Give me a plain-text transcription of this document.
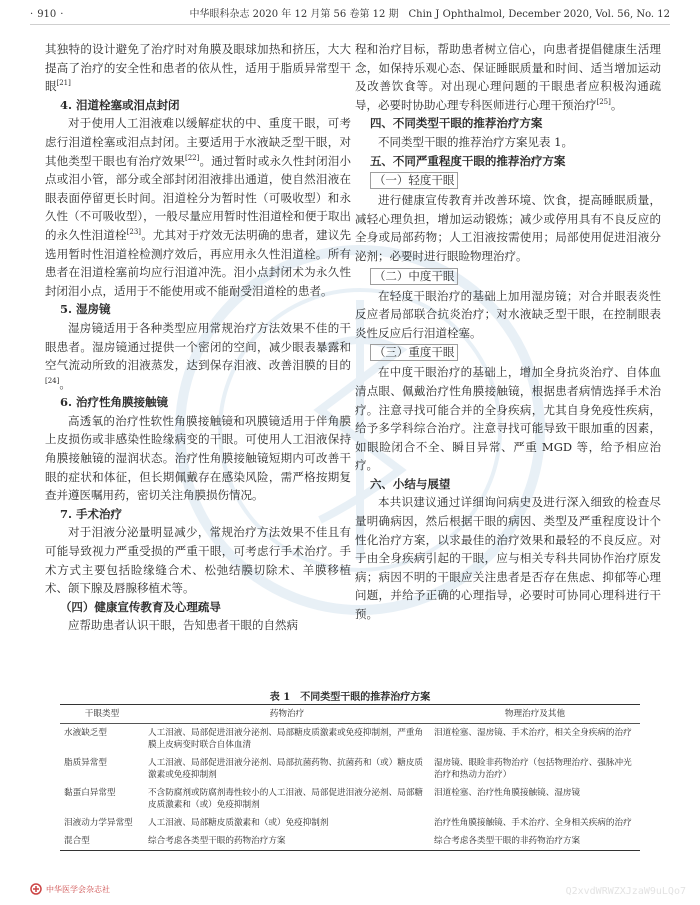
· 910 ·	中华眼科杂志 2020 年 12 月第 56 卷第 12 期　Chin J Ophthalmol, December 2020, Vol. 56, No. 12

其独特的设计避免了治疗时对角膜及眼球加热和挤压，大大提高了治疗的安全性和患者的依从性，适用于脂质异常型干眼[21]

4. 泪道栓塞或泪点封闭

对于使用人工泪液难以缓解症状的中、重度干眼，可考虑行泪道栓塞或泪点封闭。主要适用于水液缺乏型干眼，对其他类型干眼也有治疗效果[22]。通过暂时或永久性封闭泪小点或泪小管，部分或全部封闭泪液排出通道，使自然泪液在眼表面停留更长时间。泪道栓分为暂时性（可吸收型）和永久性（不可吸收型），一般尽量应用暂时性泪道栓和便于取出的永久性泪道栓[23]。尤其对于疗效无法明确的患者，建议先选用暂时性泪道栓检测疗效后，再应用永久性泪道栓。所有患者在泪道栓塞前均应行泪道冲洗。泪小点封闭术为永久性封闭泪小点，适用于不能使用或不能耐受泪道栓的患者。

5. 湿房镜

湿房镜适用于各种类型应用常规治疗方法效果不佳的干眼患者。湿房镜通过提供一个密闭的空间，减少眼表暴露和空气流动所致的泪液蒸发，达到保存泪液、改善泪膜的目的[24]。

6. 治疗性角膜接触镜

高透氧的治疗性软性角膜接触镜和巩膜镜适用于伴角膜上皮损伤或非感染性睑缘病变的干眼。可使用人工泪液保持角膜接触镜的湿润状态。治疗性角膜接触镜短期内可改善干眼的症状和体征，但长期佩戴存在感染风险，需严格按期复查并遵医嘱用药，密切关注角膜损伤情况。

7. 手术治疗

对于泪液分泌量明显减少，常规治疗方法效果不佳且有可能导致视力严重受损的严重干眼，可考虑行手术治疗。手术方式主要包括睑缘缝合术、松弛结膜切除术、羊膜移植术、颌下腺及唇腺移植术等。

（四）健康宣传教育及心理疏导

应帮助患者认识干眼，告知患者干眼的自然病

程和治疗目标，帮助患者树立信心，向患者提倡健康生活理念，如保持乐观心态、保证睡眠质量和时间、适当增加运动及改善饮食等。对出现心理问题的干眼患者应积极沟通疏导，必要时协助心理专科医师进行心理干预治疗[25]。

四、不同类型干眼的推荐治疗方案

不同类型干眼的推荐治疗方案见表 1。

五、不同严重程度干眼的推荐治疗方案
（一）轻度干眼

进行健康宣传教育并改善环境、饮食，提高睡眠质量，减轻心理负担，增加运动锻炼；减少或停用具有不良反应的全身或局部药物；人工泪液按需使用；局部使用促进泪液分泌剂；必要时进行眼睑物理治疗。

（二）中度干眼

在轻度干眼治疗的基础上加用湿房镜；对合并眼表炎性反应者局部联合抗炎治疗；对水液缺乏型干眼，在控制眼表炎性反应后行泪道栓塞。

（三）重度干眼

在中度干眼治疗的基础上，增加全身抗炎治疗、自体血清点眼、佩戴治疗性角膜接触镜，根据患者病情选择手术治疗。注意寻找可能合并的全身疾病，尤其自身免疫性疾病，给予多学科综合治疗。注意寻找可能导致干眼加重的因素，如眼睑闭合不全、瞬目异常、严重 MGD 等，给予相应治疗。

六、小结与展望

本共识建议通过详细询问病史及进行深入细致的检查尽量明确病因，然后根据干眼的病因、类型及严重程度设计个性化治疗方案，以求最佳的治疗效果和最轻的不良反应。对于由全身疾病引起的干眼，应与相关专科共同协作治疗原发病；病因不明的干眼应关注患者是否存在焦虑、抑郁等心理问题，并给予正确的心理指导，必要时可协同心理科进行干预。

表 1　不同类型干眼的推荐治疗方案
干眼类型	药物治疗	物理治疗及其他
水液缺乏型	人工泪液、局部促进泪液分泌剂、局部糖皮质激素或免疫抑制剂，严重角膜上皮病变时联合自体血清	泪道栓塞、湿房镜、手术治疗，相关全身疾病的治疗
脂质异常型	人工泪液、局部促进泪液分泌剂、局部抗菌药物、抗菌药和（或）糖皮质激素或免疫抑制剂	湿房镜、眼睑非药物治疗（包括物理治疗、强脉冲光治疗和热动力治疗）
黏蛋白异常型	不含防腐剂或防腐剂毒性较小的人工泪液、局部促进泪液分泌剂、局部糖皮质激素和（或）免疫抑制剂	泪道栓塞、治疗性角膜接触镜、湿房镜
泪液动力学异常型	人工泪液、局部糖皮质激素和（或）免疫抑制剂	治疗性角膜接触镜、手术治疗、全身相关疾病的治疗
混合型	综合考虑各类型干眼的药物治疗方案	综合考虑各类型干眼的非药物治疗方案
中华医学会杂志社	Q2xvdWRWZXJzaW9uLQo7
